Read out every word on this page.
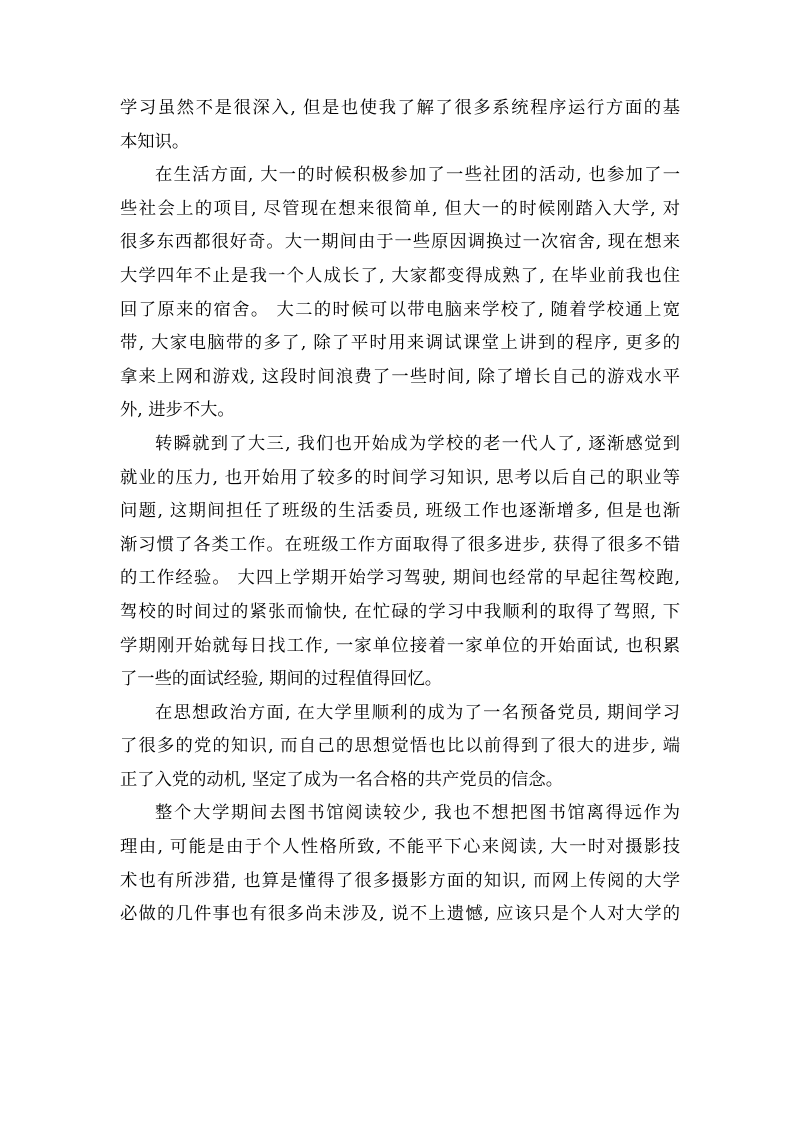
学习虽然不是很深入, 但是也使我了解了很多系统程序运行方面的基
本知识。
在生活方面, 大一的时候积极参加了一些社团的活动, 也参加了一
些社会上的项目, 尽管现在想来很简单, 但大一的时候刚踏入大学, 对
很多东西都很好奇。大一期间由于一些原因调换过一次宿舍, 现在想来
大学四年不止是我一个人成长了, 大家都变得成熟了, 在毕业前我也住
回了原来的宿舍。 大二的时候可以带电脑来学校了, 随着学校通上宽
带, 大家电脑带的多了, 除了平时用来调试课堂上讲到的程序, 更多的
拿来上网和游戏, 这段时间浪费了一些时间, 除了增长自己的游戏水平
外, 进步不大。
转瞬就到了大三, 我们也开始成为学校的老一代人了, 逐渐感觉到
就业的压力, 也开始用了较多的时间学习知识, 思考以后自己的职业等
问题, 这期间担任了班级的生活委员, 班级工作也逐渐增多, 但是也渐
渐习惯了各类工作。在班级工作方面取得了很多进步, 获得了很多不错
的工作经验。 大四上学期开始学习驾驶, 期间也经常的早起往驾校跑,
驾校的时间过的紧张而愉快, 在忙碌的学习中我顺利的取得了驾照, 下
学期刚开始就每日找工作, 一家单位接着一家单位的开始面试, 也积累
了一些的面试经验, 期间的过程值得回忆。
在思想政治方面, 在大学里顺利的成为了一名预备党员, 期间学习
了很多的党的知识, 而自己的思想觉悟也比以前得到了很大的进步, 端
正了入党的动机, 坚定了成为一名合格的共产党员的信念。
整个大学期间去图书馆阅读较少, 我也不想把图书馆离得远作为
理由, 可能是由于个人性格所致, 不能平下心来阅读, 大一时对摄影技
术也有所涉猎, 也算是懂得了很多摄影方面的知识, 而网上传阅的大学
必做的几件事也有很多尚未涉及, 说不上遗憾, 应该只是个人对大学的
